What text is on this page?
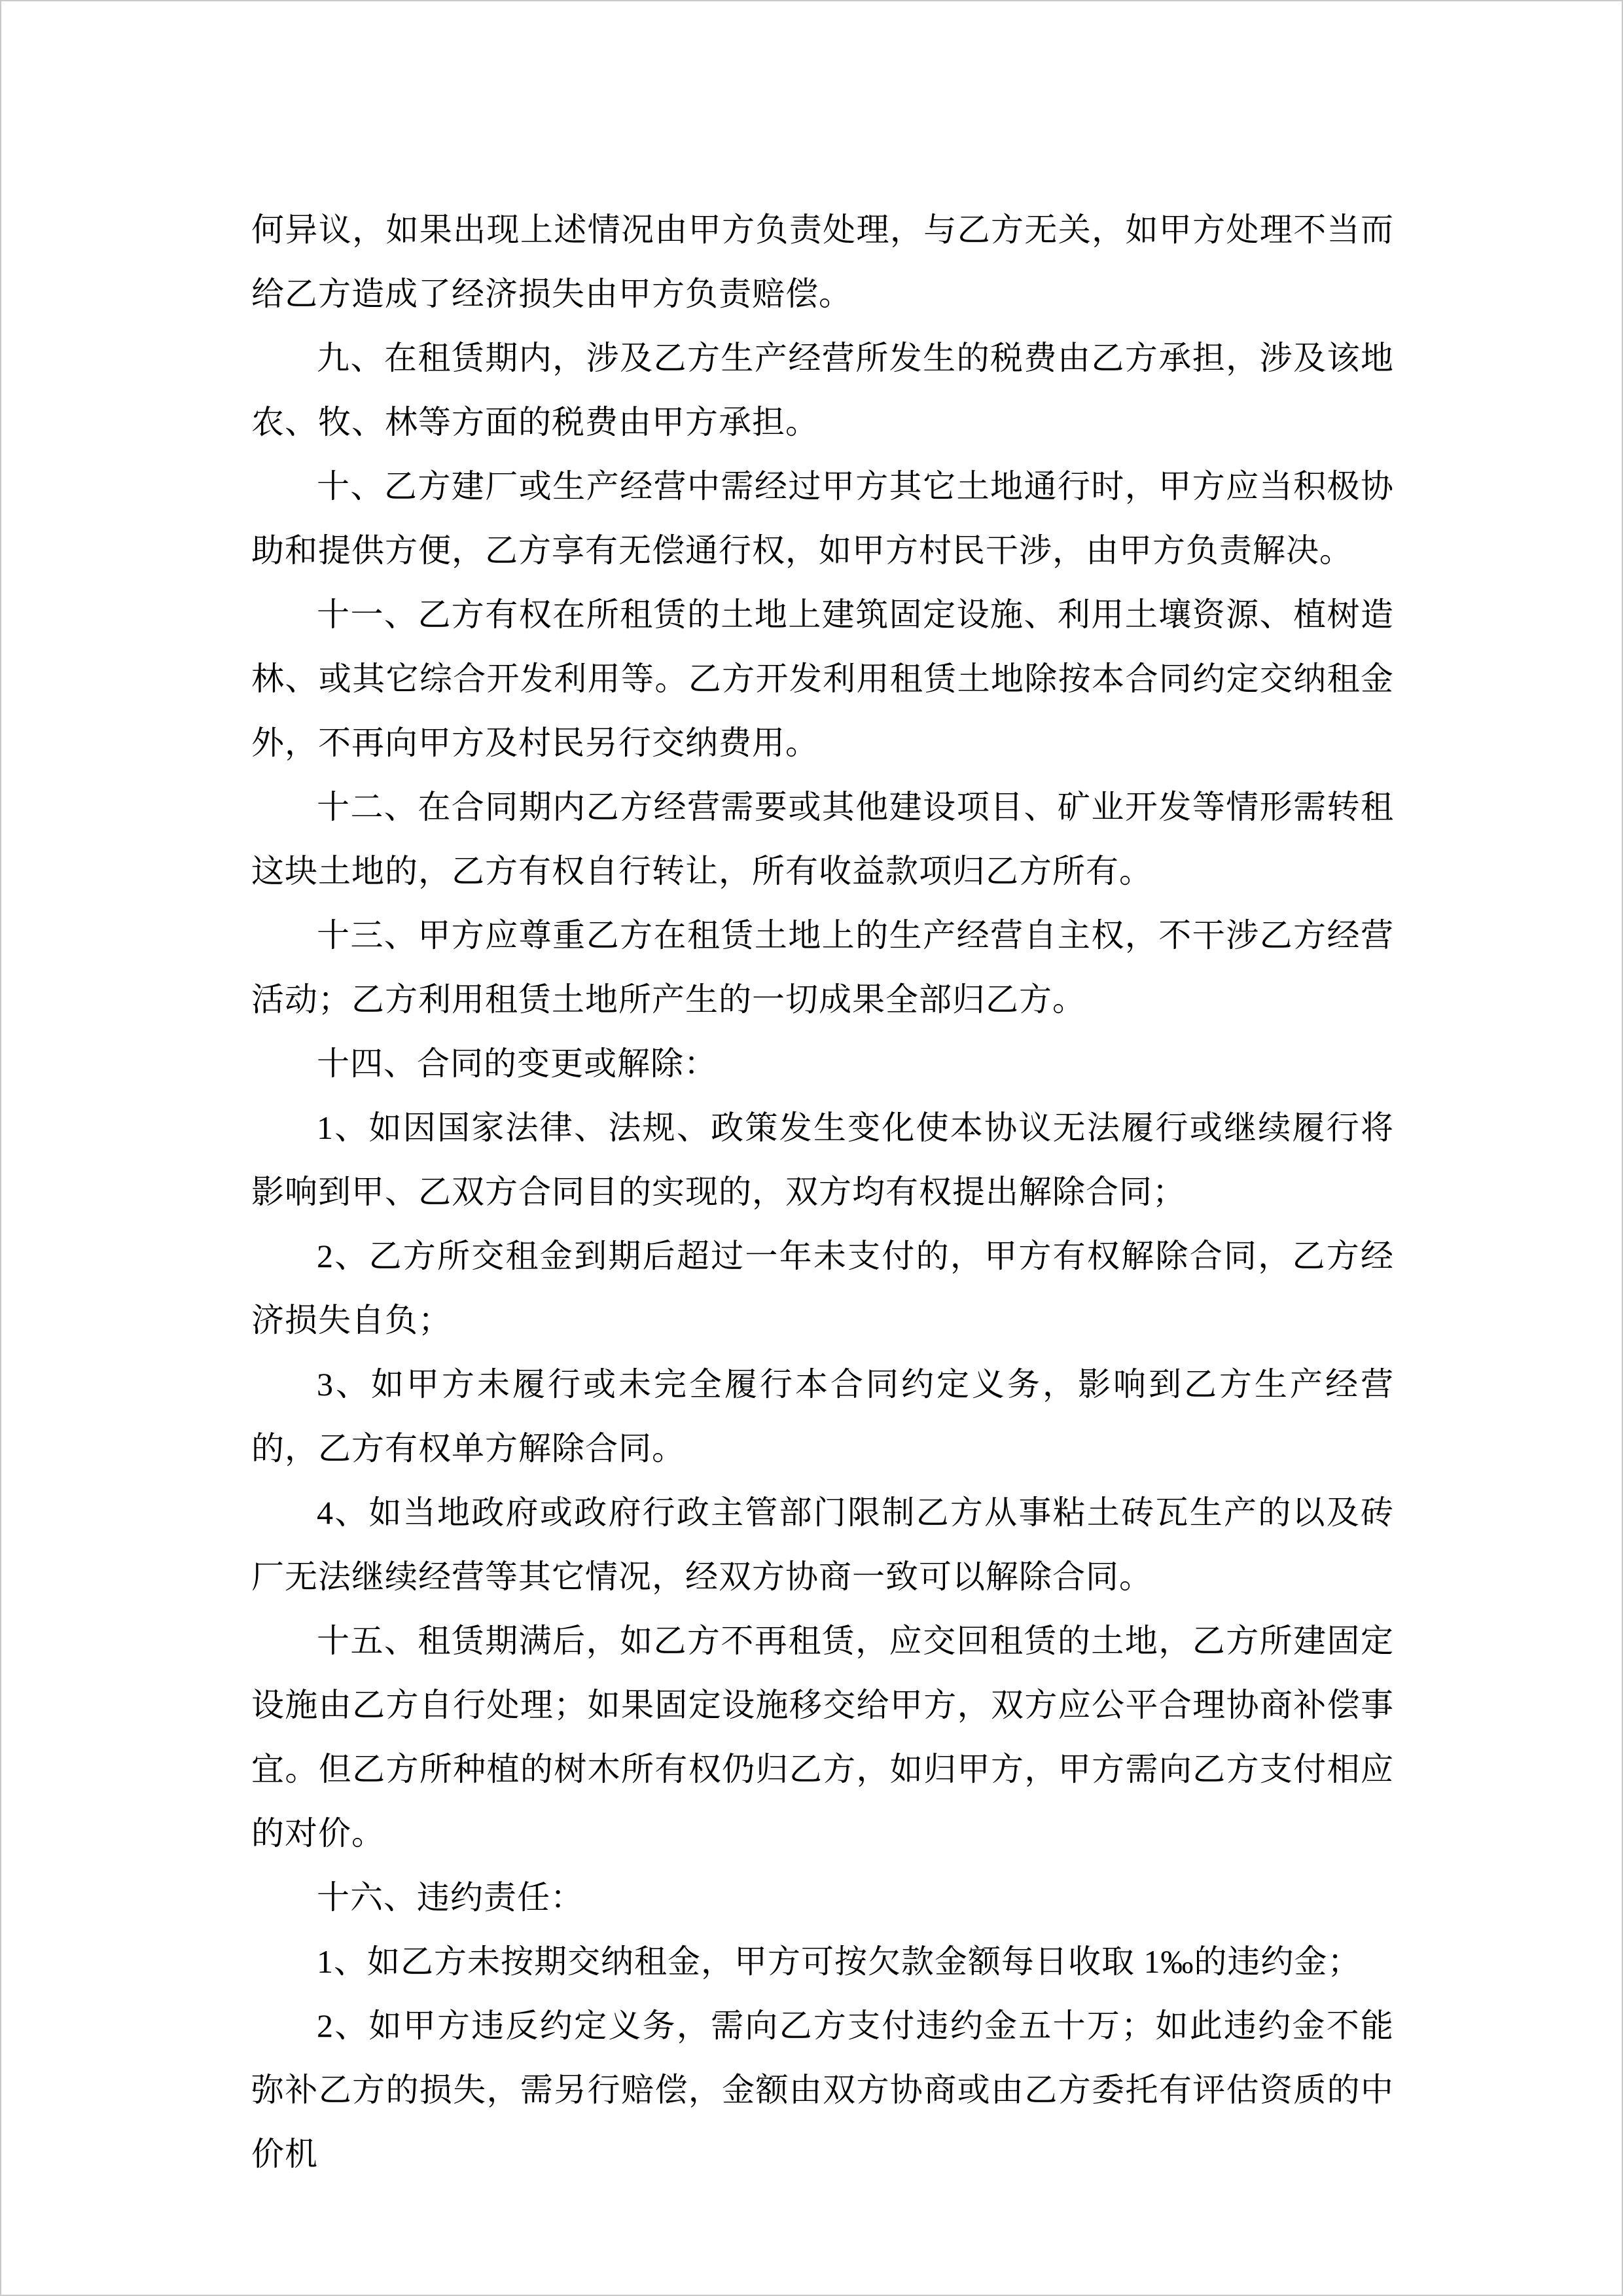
何异议，如果出现上述情况由甲方负责处理，与乙方无关，如甲方处理不当而给乙方造成了经济损失由甲方负责赔偿。

九、在租赁期内，涉及乙方生产经营所发生的税费由乙方承担，涉及该地农、牧、林等方面的税费由甲方承担。

十、乙方建厂或生产经营中需经过甲方其它土地通行时，甲方应当积极协助和提供方便，乙方享有无偿通行权，如甲方村民干涉，由甲方负责解决。

十一、乙方有权在所租赁的土地上建筑固定设施、利用土壤资源、植树造林、或其它综合开发利用等。乙方开发利用租赁土地除按本合同约定交纳租金外，不再向甲方及村民另行交纳费用。

十二、在合同期内乙方经营需要或其他建设项目、矿业开发等情形需转租这块土地的，乙方有权自行转让，所有收益款项归乙方所有。

十三、甲方应尊重乙方在租赁土地上的生产经营自主权，不干涉乙方经营活动；乙方利用租赁土地所产生的一切成果全部归乙方。

十四、合同的变更或解除：

1、如因国家法律、法规、政策发生变化使本协议无法履行或继续履行将影响到甲、乙双方合同目的实现的，双方均有权提出解除合同；

2、乙方所交租金到期后超过一年未支付的，甲方有权解除合同，乙方经济损失自负；

3、如甲方未履行或未完全履行本合同约定义务，影响到乙方生产经营的，乙方有权单方解除合同。

4、如当地政府或政府行政主管部门限制乙方从事粘土砖瓦生产的以及砖厂无法继续经营等其它情况，经双方协商一致可以解除合同。

十五、租赁期满后，如乙方不再租赁，应交回租赁的土地，乙方所建固定设施由乙方自行处理；如果固定设施移交给甲方，双方应公平合理协商补偿事宜。但乙方所种植的树木所有权仍归乙方，如归甲方，甲方需向乙方支付相应的对价。

十六、违约责任：

1、如乙方未按期交纳租金，甲方可按欠款金额每日收取 1‰的违约金；

2、如甲方违反约定义务，需向乙方支付违约金五十万；如此违约金不能弥补乙方的损失，需另行赔偿，金额由双方协商或由乙方委托有评估资质的中价机
